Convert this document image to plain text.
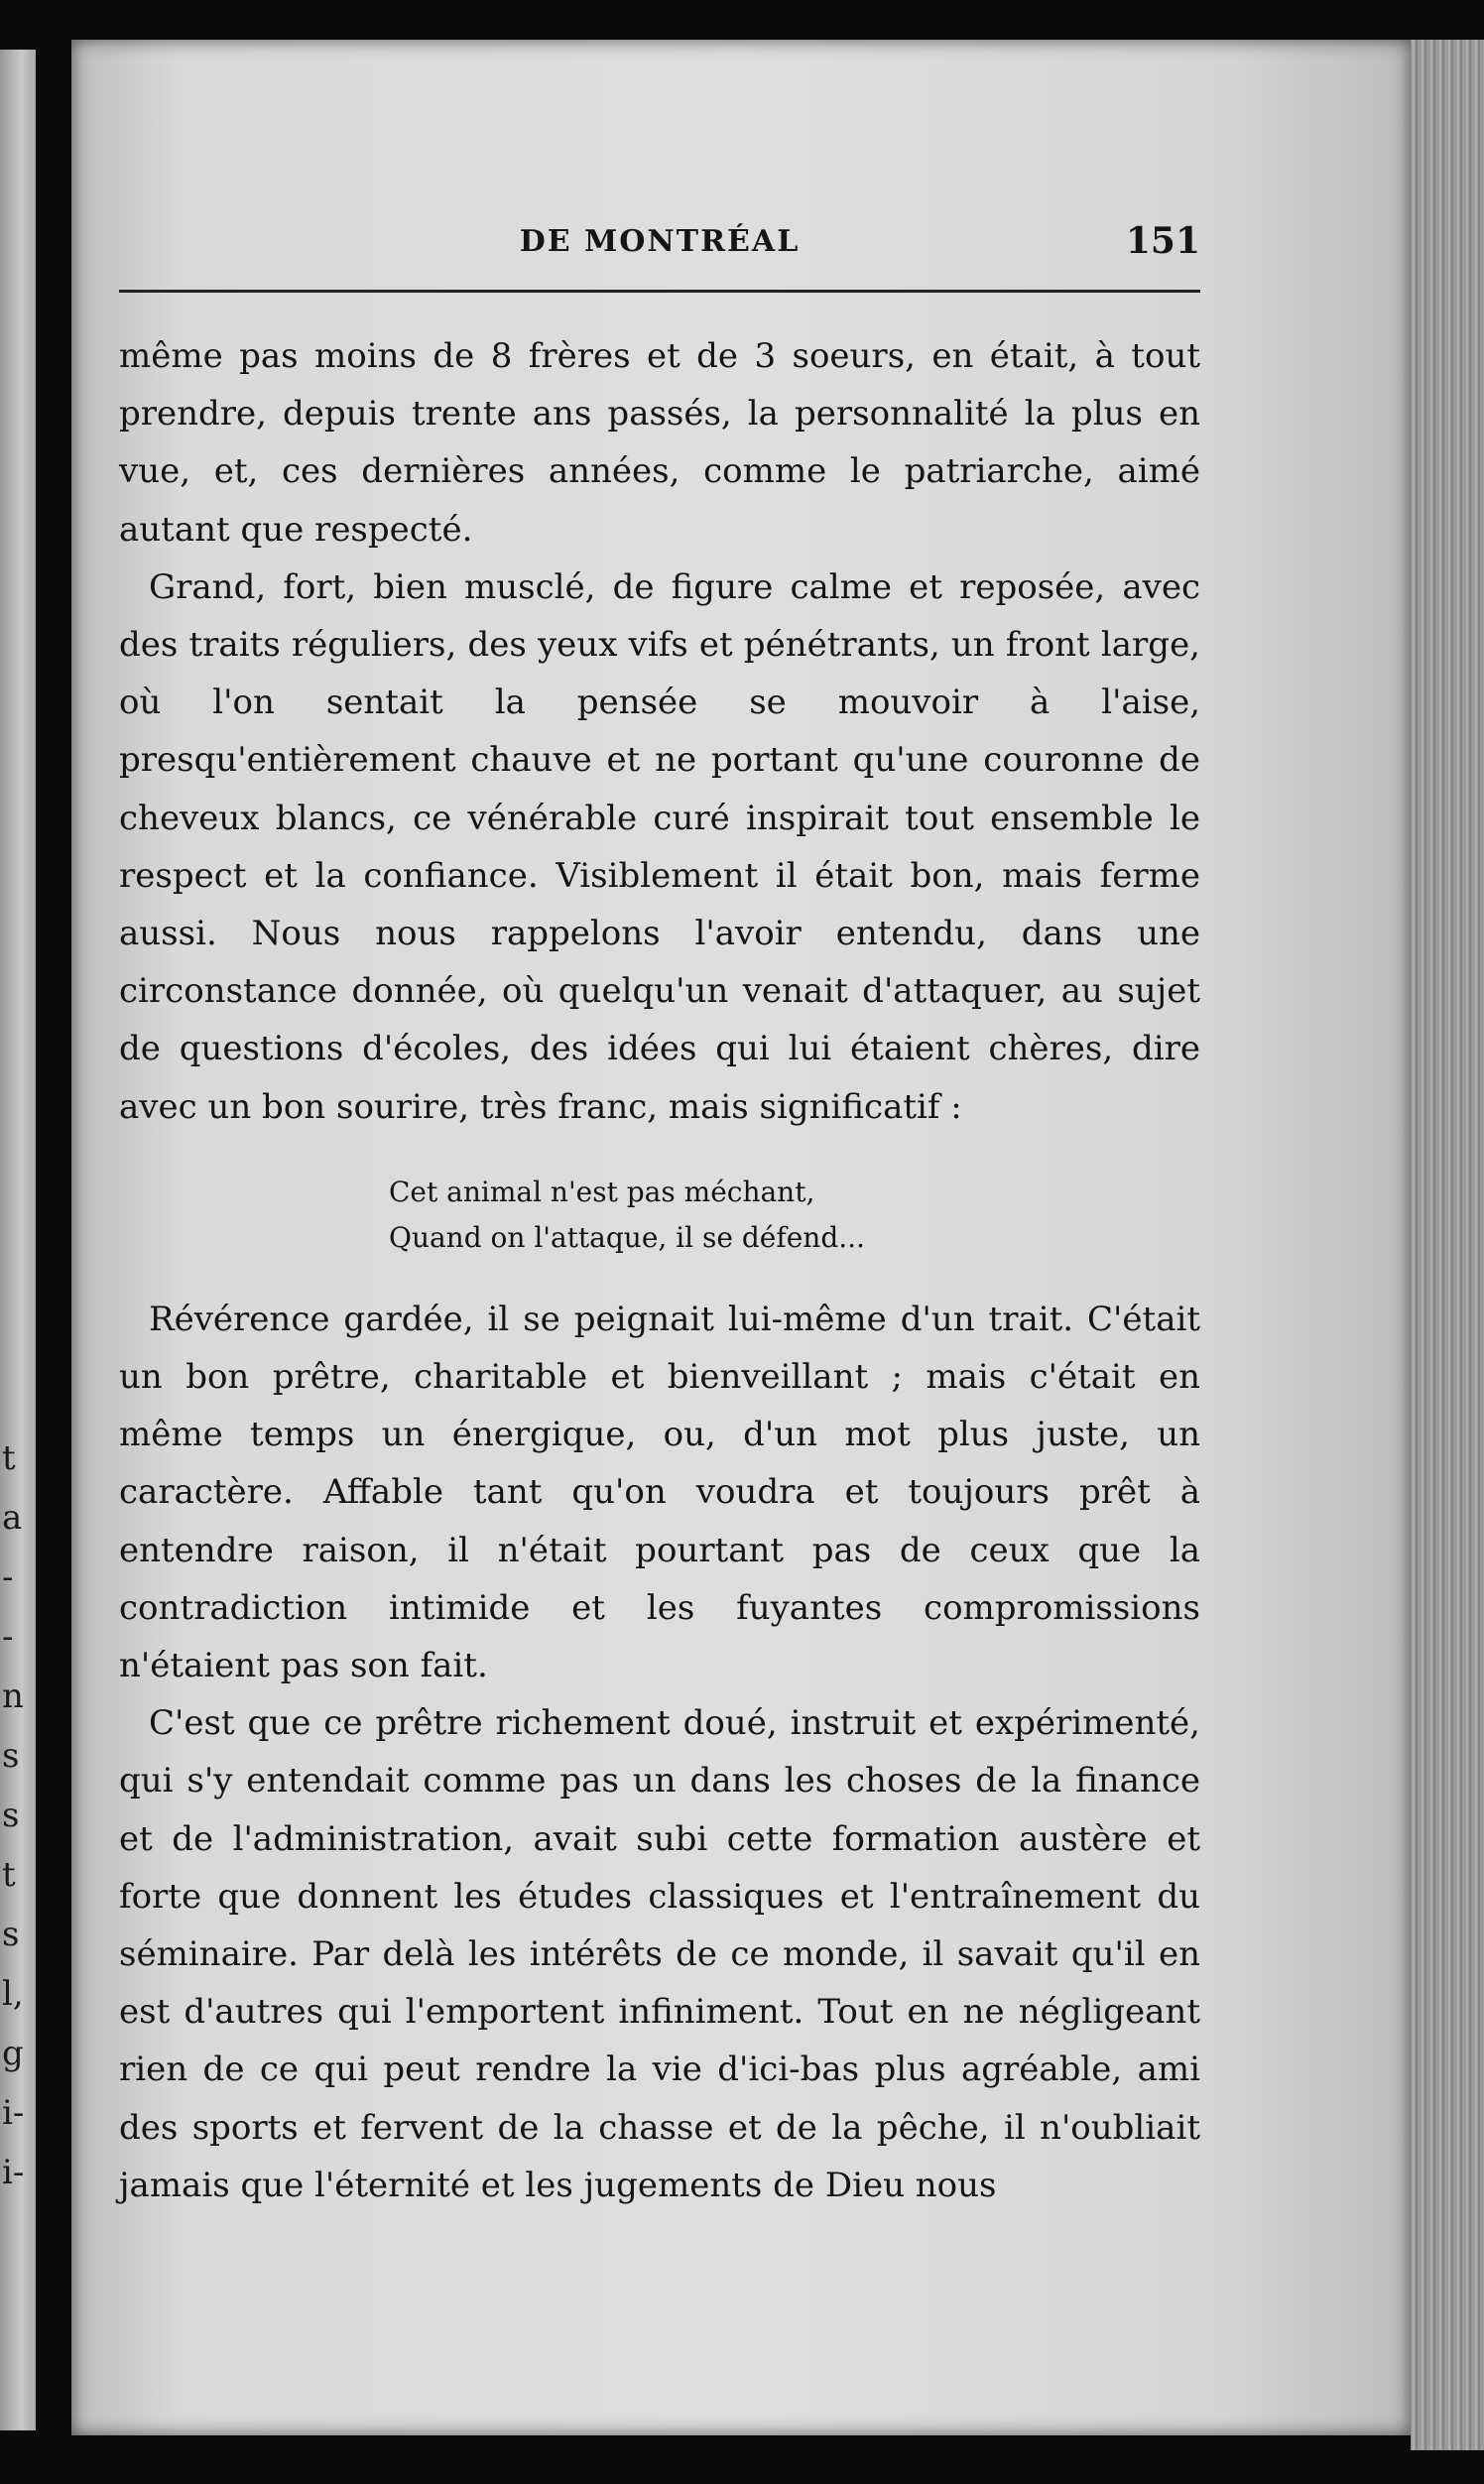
t
a
-
-
n
s
s
t
s
l,
g
i-
i-
DE MONTRÉAL	151

même pas moins de 8 frères et de 3 soeurs, en était, à tout prendre, depuis trente ans passés, la personnalité la plus en vue, et, ces dernières années, comme le patriarche, aimé autant que respecté.

Grand, fort, bien musclé, de figure calme et reposée, avec des traits réguliers, des yeux vifs et pénétrants, un front large, où l'on sentait la pensée se mouvoir à l'aise, presqu'entièrement chauve et ne portant qu'une couronne de cheveux blancs, ce vénérable curé inspirait tout ensemble le respect et la confiance. Visiblement il était bon, mais ferme aussi. Nous nous rappelons l'avoir entendu, dans une circonstance donnée, où quelqu'un venait d'attaquer, au sujet de questions d'écoles, des idées qui lui étaient chères, dire avec un bon sourire, très franc, mais significatif :

Cet animal n'est pas méchant,
Quand on l'attaque, il se défend...

Révérence gardée, il se peignait lui-même d'un trait. C'était un bon prêtre, charitable et bienveillant ; mais c'était en même temps un énergique, ou, d'un mot plus juste, un caractère. Affable tant qu'on voudra et toujours prêt à entendre raison, il n'était pourtant pas de ceux que la contradiction intimide et les fuyantes compromissions n'étaient pas son fait.

C'est que ce prêtre richement doué, instruit et expérimenté, qui s'y entendait comme pas un dans les choses de la finance et de l'administration, avait subi cette formation austère et forte que donnent les études classiques et l'entraînement du séminaire. Par delà les intérêts de ce monde, il savait qu'il en est d'autres qui l'emportent infiniment. Tout en ne négligeant rien de ce qui peut rendre la vie d'ici-bas plus agréable, ami des sports et fervent de la chasse et de la pêche, il n'oubliait jamais que l'éternité et les jugements de Dieu nous
